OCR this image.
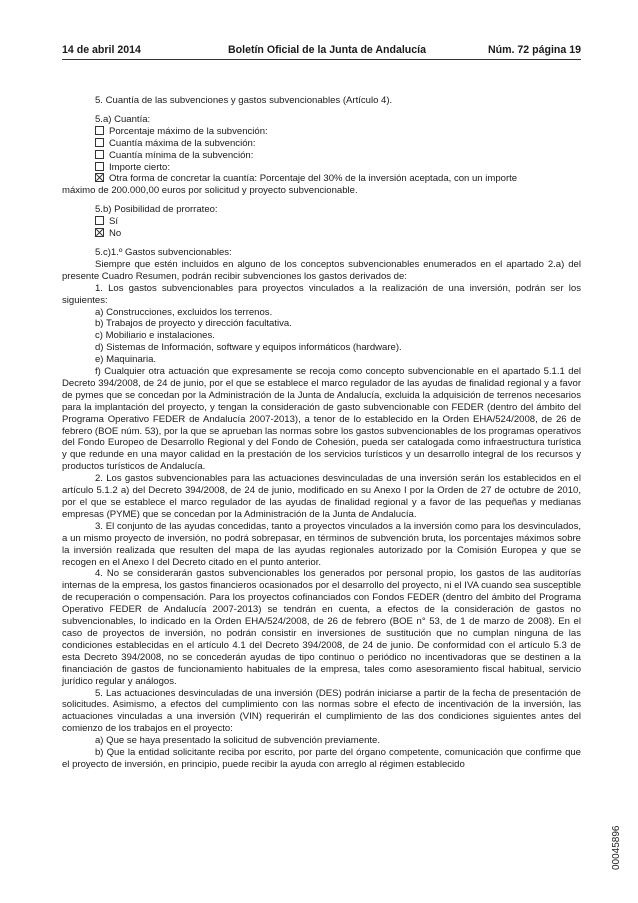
14 de abril 2014	Boletín Oficial de la Junta de Andalucía	Núm. 72 página 19

5. Cuantía de las subvenciones y gastos subvencionables (Artículo 4).

5.a) Cuantía:

Porcentaje máximo de la subvención:

Cuantía máxima de la subvención:

Cuantía mínima de la subvención:

Importe cierto:

Otra forma de concretar la cuantía: Porcentaje del 30% de la inversión aceptada, con un importe

máximo de 200.000,00 euros por solicitud y proyecto subvencionable.

5.b) Posibilidad de prorrateo:

Sí

No

5.c)1.º Gastos subvencionables:

Siempre que estén incluidos en alguno de los conceptos subvencionables enumerados en el apartado 2.a) del presente Cuadro Resumen, podrán recibir subvenciones los gastos derivados de:

1. Los gastos subvencionables para proyectos vinculados a la realización de una inversión, podrán ser los siguientes:

a) Construcciones, excluidos los terrenos.

b) Trabajos de proyecto y dirección facultativa.

c) Mobiliario e instalaciones.

d) Sistemas de Información, software y equipos informáticos (hardware).

e) Maquinaria.

f) Cualquier otra actuación que expresamente se recoja como concepto subvencionable en el apartado 5.1.1 del Decreto 394/2008, de 24 de junio, por el que se establece el marco regulador de las ayudas de finalidad regional y a favor de pymes que se concedan por la Administración de la Junta de Andalucía, excluida la adquisición de terrenos necesarios para la implantación del proyecto, y tengan la consideración de gasto subvencionable con FEDER (dentro del ámbito del Programa Operativo FEDER de Andalucía 2007-2013), a tenor de lo establecido en la Orden EHA/524/2008, de 26 de febrero (BOE núm. 53), por la que se aprueban las normas sobre los gastos subvencionables de los programas operativos del Fondo Europeo de Desarrollo Regional y del Fondo de Cohesión, pueda ser catalogada como infraestructura turística y que redunde en una mayor calidad en la prestación de los servicios turísticos y un desarrollo integral de los recursos y productos turísticos de Andalucía.

2. Los gastos subvencionables para las actuaciones desvinculadas de una inversión serán los establecidos en el artículo 5.1.2 a) del Decreto 394/2008, de 24 de junio, modificado en su Anexo I por la Orden de 27 de octubre de 2010, por el que se establece el marco regulador de las ayudas de finalidad regional y a favor de las pequeñas y medianas empresas (PYME) que se concedan por la Administración de la Junta de Andalucía.

3. El conjunto de las ayudas concedidas, tanto a proyectos vinculados a la inversión como para los desvinculados, a un mismo proyecto de inversión, no podrá sobrepasar, en términos de subvención bruta, los porcentajes máximos sobre la inversión realizada que resulten del mapa de las ayudas regionales autorizado por la Comisión Europea y que se recogen en el Anexo I del Decreto citado en el punto anterior.

4. No se considerarán gastos subvencionables los generados por personal propio, los gastos de las auditorías internas de la empresa, los gastos financieros ocasionados por el desarrollo del proyecto, ni el IVA cuando sea susceptible de recuperación o compensación. Para los proyectos cofinanciados con Fondos FEDER (dentro del ámbito del Programa Operativo FEDER de Andalucía 2007-2013) se tendrán en cuenta, a efectos de la consideración de gastos no subvencionables, lo indicado en la Orden EHA/524/2008, de 26 de febrero (BOE n° 53, de 1 de marzo de 2008). En el caso de proyectos de inversión, no podrán consistir en inversiones de sustitución que no cumplan ninguna de las condiciones establecidas en el artículo 4.1 del Decreto 394/2008, de 24 de junio. De conformidad con el artículo 5.3 de esta Decreto 394/2008, no se concederán ayudas de tipo continuo o periódico no incentivadoras que se destinen a la financiación de gastos de funcionamiento habituales de la empresa, tales como asesoramiento fiscal habitual, servicio jurídico regular y análogos.

5. Las actuaciones desvinculadas de una inversión (DES) podrán iniciarse a partir de la fecha de presentación de solicitudes. Asimismo, a efectos del cumplimiento con las normas sobre el efecto de incentivación de la inversión, las actuaciones vinculadas a una inversión (VIN) requerirán el cumplimiento de las dos condiciones siguientes antes del comienzo de los trabajos en el proyecto:

a) Que se haya presentado la solicitud de subvención previamente.

b) Que la entidad solicitante reciba por escrito, por parte del órgano competente, comunicación que confirme que el proyecto de inversión, en principio, puede recibir la ayuda con arreglo al régimen establecido

00045896
